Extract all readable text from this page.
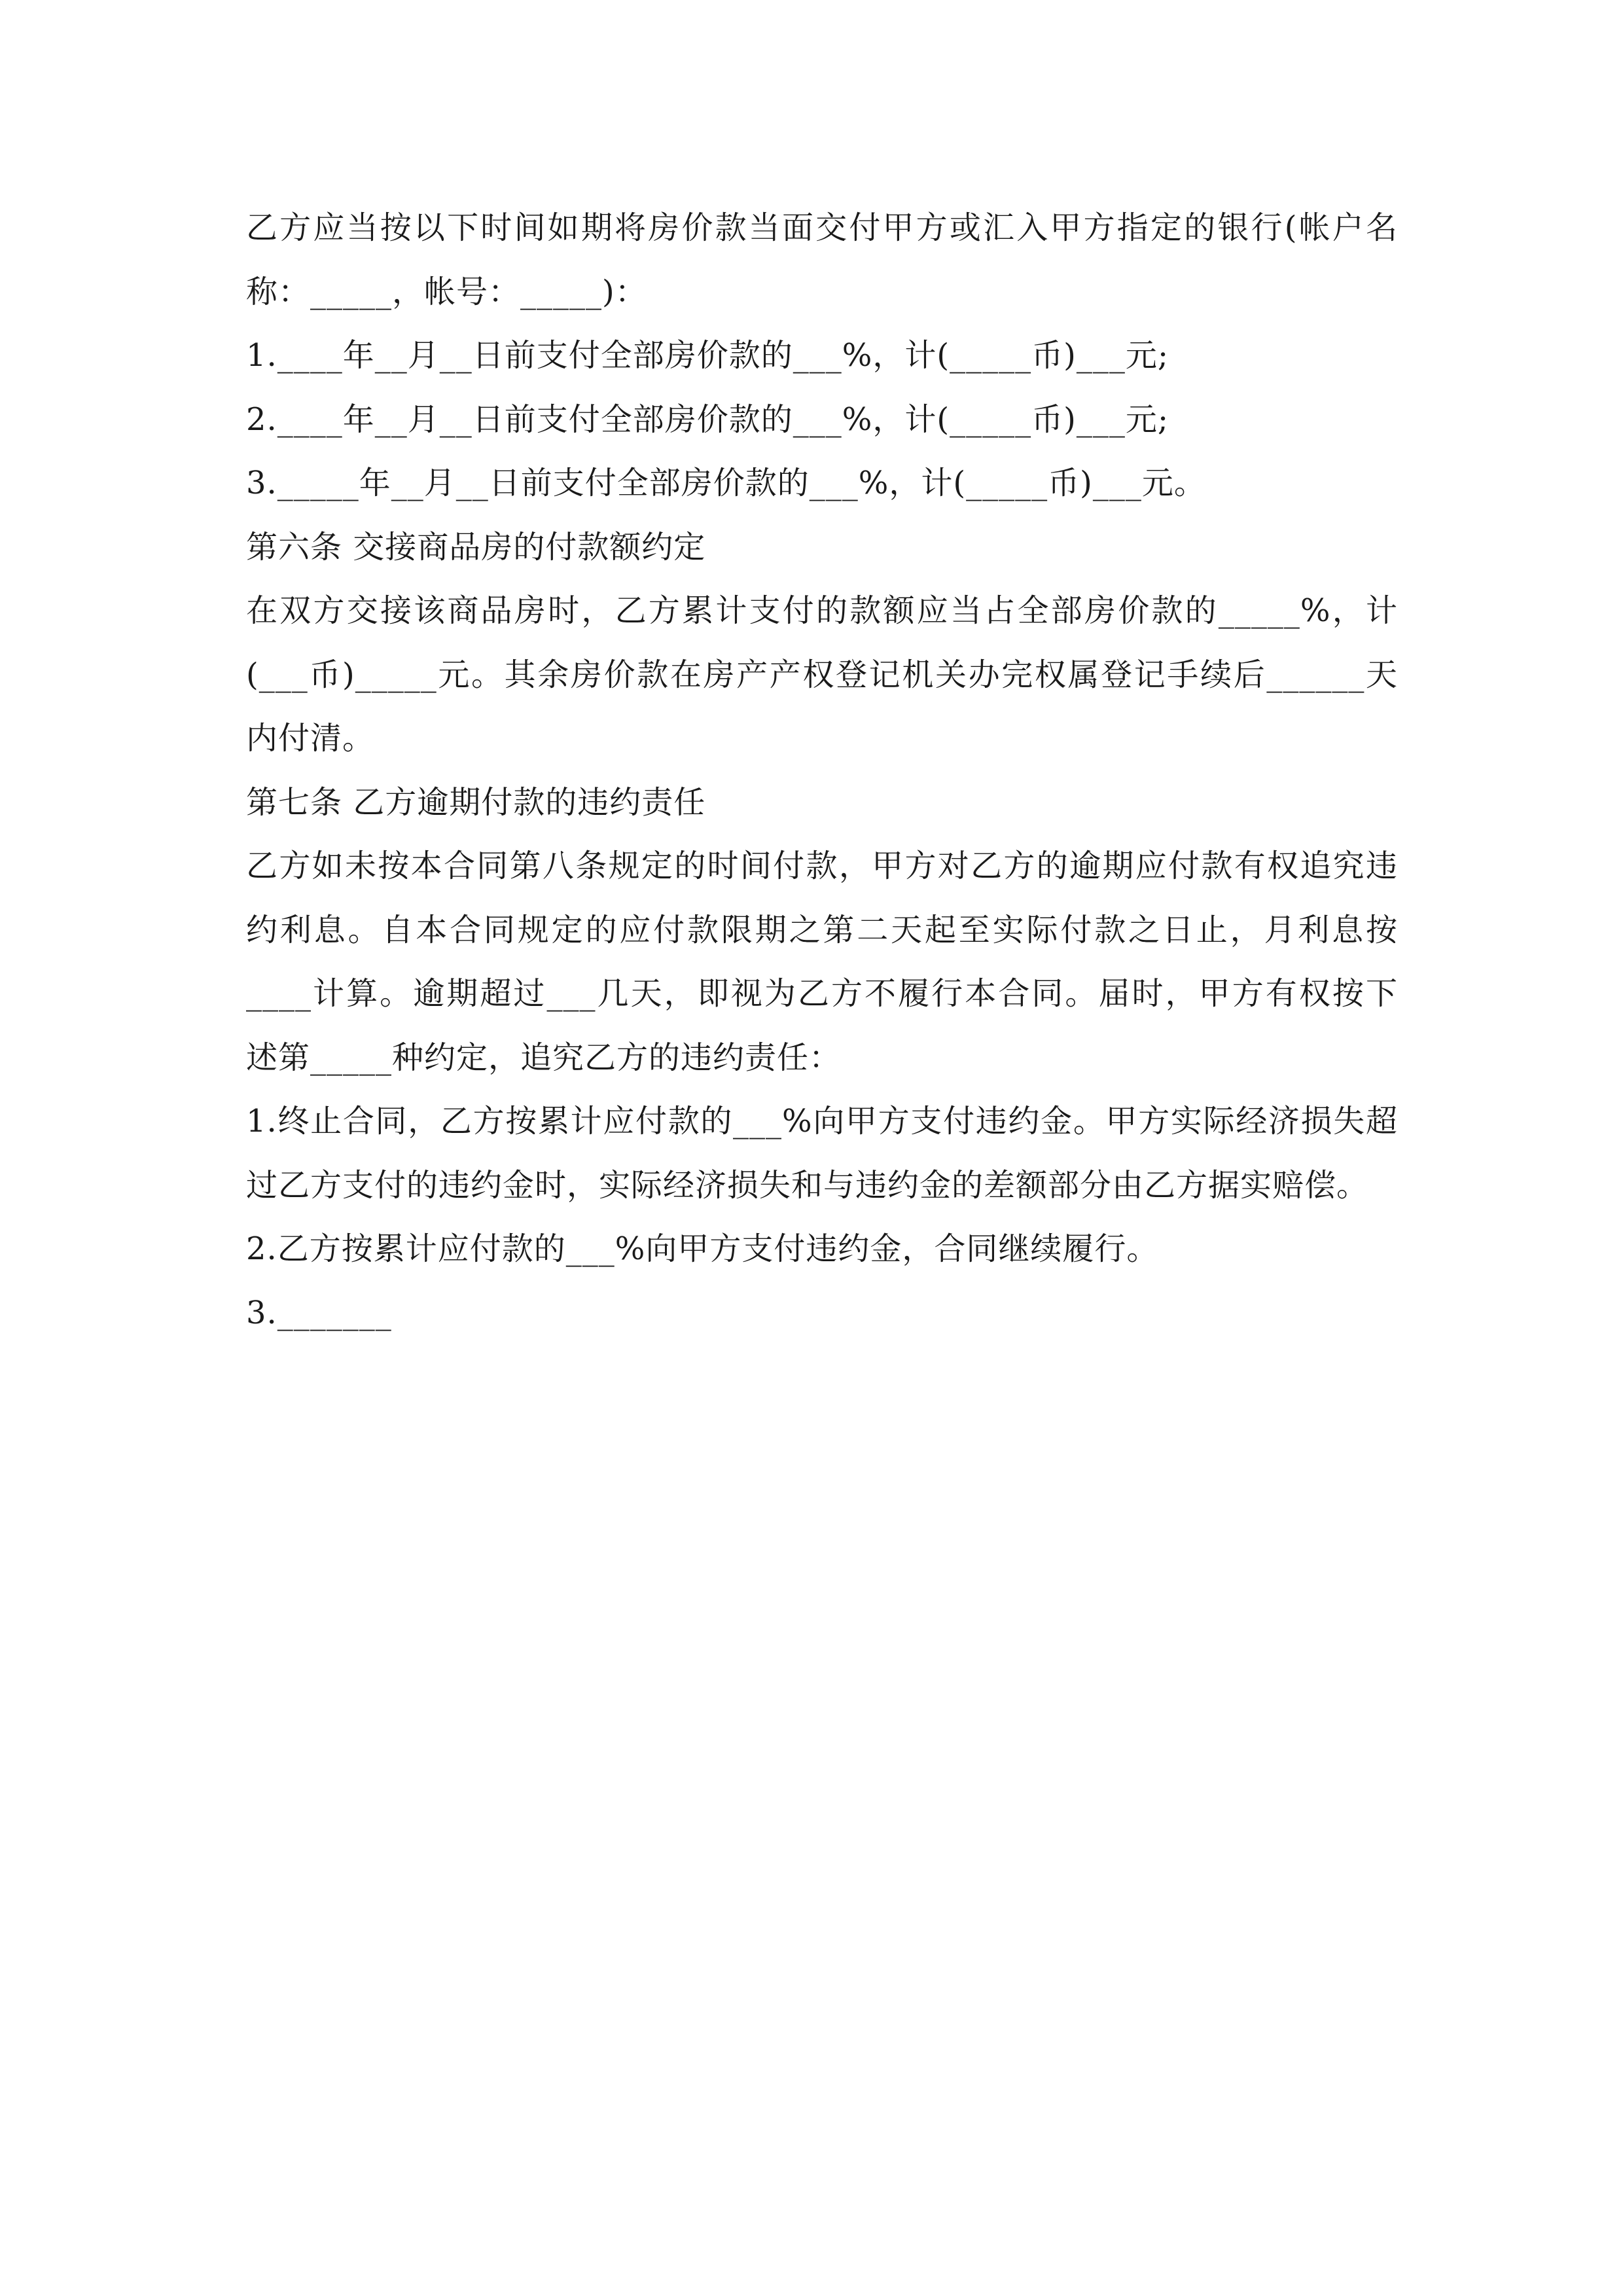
乙方应当按以下时间如期将房价款当面交付甲方或汇入甲方指定的银行(帐户名
称：_____，帐号：_____)：
1.____年__月__日前支付全部房价款的___%，计(_____币)___元;
2.____年__月__日前支付全部房价款的___%，计(_____币)___元;
3._____年__月__日前支付全部房价款的___%，计(_____币)___元。
第六条 交接商品房的付款额约定
在双方交接该商品房时，乙方累计支付的款额应当占全部房价款的_____%，计
(___币)_____元。其余房价款在房产产权登记机关办完权属登记手续后______天
内付清。
第七条 乙方逾期付款的违约责任
乙方如未按本合同第八条规定的时间付款，甲方对乙方的逾期应付款有权追究违
约利息。自本合同规定的应付款限期之第二天起至实际付款之日止，月利息按
____计算。逾期超过___几天，即视为乙方不履行本合同。届时，甲方有权按下
述第_____种约定，追究乙方的违约责任：
1.终止合同，乙方按累计应付款的___%向甲方支付违约金。甲方实际经济损失超
过乙方支付的违约金时，实际经济损失和与违约金的差额部分由乙方据实赔偿。
2.乙方按累计应付款的___%向甲方支付违约金，合同继续履行。
3._______
